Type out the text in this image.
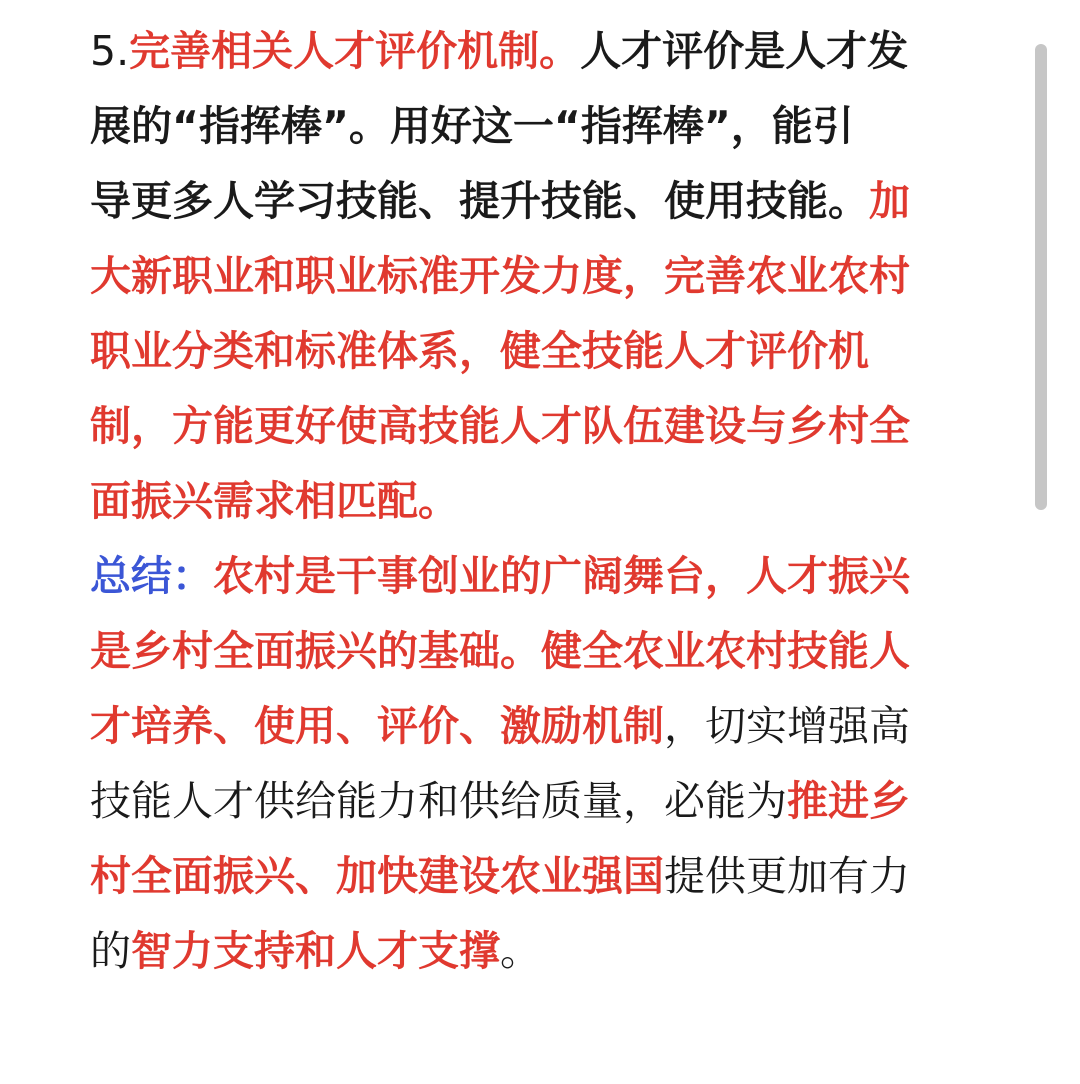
5.完善相关人才评价机制。人才评价是人才发
展的“指挥棒”。用好这一“指挥棒”，能引
导更多人学习技能、提升技能、使用技能。加
大新职业和职业标准开发力度，完善农业农村
职业分类和标准体系，健全技能人才评价机
制，方能更好使高技能人才队伍建设与乡村全
面振兴需求相匹配。
总结：农村是干事创业的广阔舞台，人才振兴
是乡村全面振兴的基础。健全农业农村技能人
才培养、使用、评价、激励机制，切实增强高
技能人才供给能力和供给质量，必能为推进乡
村全面振兴、加快建设农业强国提供更加有力
的智力支持和人才支撑。
